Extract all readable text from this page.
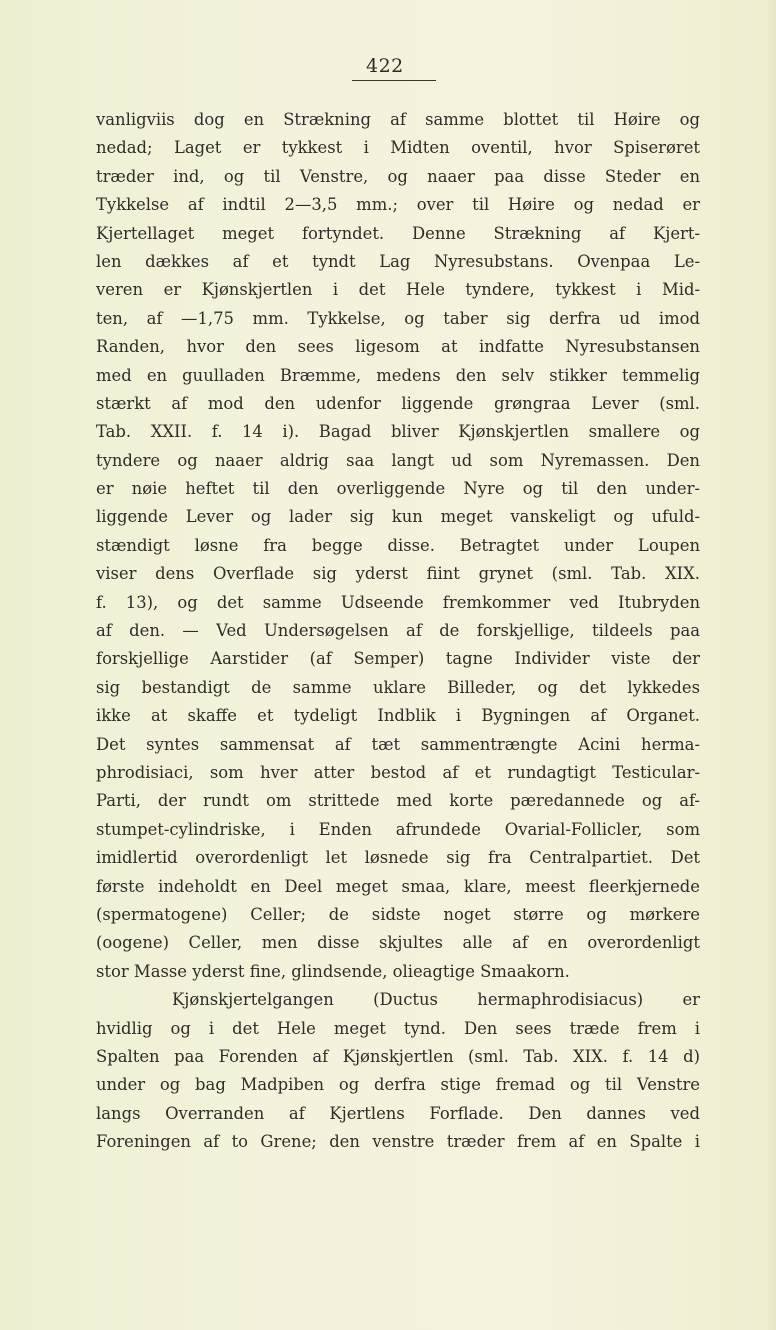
422
vanligviis dog en Strækning af samme blottet til Høire og
nedad; Laget er tykkest i Midten oventil, hvor Spiserøret
træder ind, og til Venstre, og naaer paa disse Steder en
Tykkelse af indtil 2—3,5 mm.; over til Høire og nedad er
Kjertellaget meget fortyndet. Denne Strækning af Kjert-
len dækkes af et tyndt Lag Nyresubstans. Ovenpaa Le-
veren er Kjønskjertlen i det Hele tyndere, tykkest i Mid-
ten, af —1,75 mm. Tykkelse, og taber sig derfra ud imod
Randen, hvor den sees ligesom at indfatte Nyresubstansen
med en guulladen Bræmme, medens den selv stikker temmelig
stærkt af mod den udenfor liggende grøngraa Lever (sml.
Tab. XXII. f. 14 i). Bagad bliver Kjønskjertlen smallere og
tyndere og naaer aldrig saa langt ud som Nyremassen. Den
er nøie heftet til den overliggende Nyre og til den under-
liggende Lever og lader sig kun meget vanskeligt og ufuld-
stændigt løsne fra begge disse. Betragtet under Loupen
viser dens Overflade sig yderst fiint grynet (sml. Tab. XIX.
f. 13), og det samme Udseende fremkommer ved Itubryden
af den. — Ved Undersøgelsen af de forskjellige, tildeels paa
forskjellige Aarstider (af Semper) tagne Individer viste der
sig bestandigt de samme uklare Billeder, og det lykkedes
ikke at skaffe et tydeligt Indblik i Bygningen af Organet.
Det syntes sammensat af tæt sammentrængte Acini herma-
phrodisiaci, som hver atter bestod af et rundagtigt Testicular-
Parti, der rundt om strittede med korte pæredannede og af-
stumpet-cylindriske, i Enden afrundede Ovarial-Follicler, som
imidlertid overordenligt let løsnede sig fra Centralpartiet. Det
første indeholdt en Deel meget smaa, klare, meest fleerkjernede
(spermatogene) Celler; de sidste noget større og mørkere
(oogene) Celler, men disse skjultes alle af en overordenligt
stor Masse yderst fine, glindsende, olieagtige Smaakorn.
Kjønskjertelgangen (Ductus hermaphrodisiacus) er
hvidlig og i det Hele meget tynd. Den sees træde frem i
Spalten paa Forenden af Kjønskjertlen (sml. Tab. XIX. f. 14 d)
under og bag Madpiben og derfra stige fremad og til Venstre
langs Overranden af Kjertlens Forflade. Den dannes ved
Foreningen af to Grene; den venstre træder frem af en Spalte i
